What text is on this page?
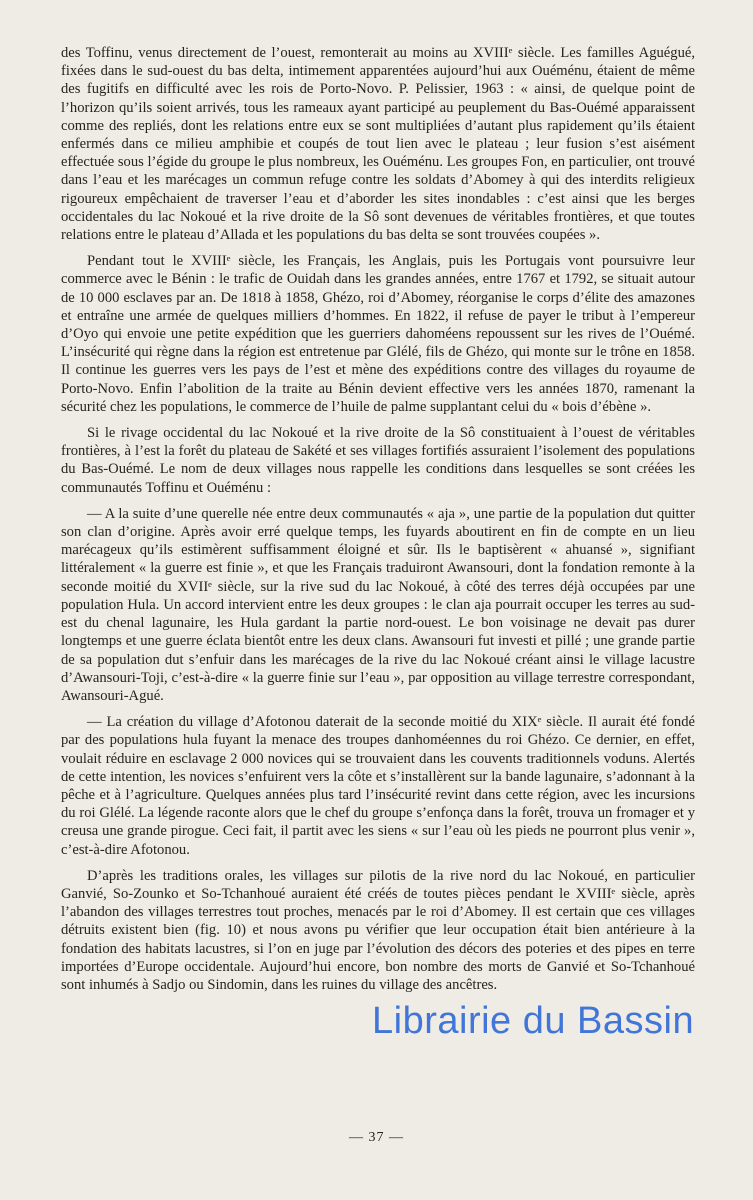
des Toffinu, venus directement de l’ouest, remonterait au moins au XVIIIᵉ siècle. Les familles Aguégué, fixées dans le sud-ouest du bas delta, intimement apparentées aujourd’hui aux Ouéménu, étaient de même des fugitifs en difficulté avec les rois de Porto-Novo. P. Pelissier, 1963 : « ainsi, de quelque point de l’horizon qu’ils soient arrivés, tous les rameaux ayant participé au peuplement du Bas-Ouémé apparaissent comme des repliés, dont les relations entre eux se sont multipliées d’autant plus rapidement qu’ils étaient enfermés dans ce milieu amphibie et coupés de tout lien avec le plateau ; leur fusion s’est aisément effectuée sous l’égide du groupe le plus nombreux, les Ouéménu. Les groupes Fon, en particulier, ont trouvé dans l’eau et les marécages un commun refuge contre les soldats d’Abomey à qui des interdits religieux rigoureux empêchaient de traverser l’eau et d’aborder les sites inondables : c’est ainsi que les berges occidentales du lac Nokoué et la rive droite de la Sô sont devenues de véritables frontières, et que toutes relations entre le plateau d’Allada et les populations du bas delta se sont trouvées coupées ».

Pendant tout le XVIIIᵉ siècle, les Français, les Anglais, puis les Portugais vont poursuivre leur commerce avec le Bénin : le trafic de Ouidah dans les grandes années, entre 1767 et 1792, se situait autour de 10 000 esclaves par an. De 1818 à 1858, Ghézo, roi d’Abomey, réorganise le corps d’élite des amazones et entraîne une armée de quelques milliers d’hommes. En 1822, il refuse de payer le tribut à l’empereur d’Oyo qui envoie une petite expédition que les guerriers dahoméens repoussent sur les rives de l’Ouémé. L’insécurité qui règne dans la région est entretenue par Glélé, fils de Ghézo, qui monte sur le trône en 1858. Il continue les guerres vers les pays de l’est et mène des expéditions contre des villages du royaume de Porto-Novo. Enfin l’abolition de la traite au Bénin devient effective vers les années 1870, ramenant la sécurité chez les populations, le commerce de l’huile de palme supplantant celui du « bois d’ébène ».

Si le rivage occidental du lac Nokoué et la rive droite de la Sô constituaient à l’ouest de véritables frontières, à l’est la forêt du plateau de Sakété et ses villages fortifiés assuraient l’isolement des populations du Bas-Ouémé. Le nom de deux villages nous rappelle les conditions dans lesquelles se sont créées les communautés Toffinu et Ouéménu :

— A la suite d’une querelle née entre deux communautés « aja », une partie de la population dut quitter son clan d’origine. Après avoir erré quelque temps, les fuyards aboutirent en fin de compte en un lieu marécageux qu’ils estimèrent suffisamment éloigné et sûr. Ils le baptisèrent « ahuansé », signifiant littéralement « la guerre est finie », et que les Français traduiront Awansouri, dont la fondation remonte à la seconde moitié du XVIIᵉ siècle, sur la rive sud du lac Nokoué, à côté des terres déjà occupées par une population Hula. Un accord intervient entre les deux groupes : le clan aja pourrait occuper les terres au sud-est du chenal lagunaire, les Hula gardant la partie nord-ouest. Le bon voisinage ne devait pas durer longtemps et une guerre éclata bientôt entre les deux clans. Awansouri fut investi et pillé ; une grande partie de sa population dut s’enfuir dans les marécages de la rive du lac Nokoué créant ainsi le village lacustre d’Awansouri-Toji, c’est-à-dire « la guerre finie sur l’eau », par opposition au village terrestre correspondant, Awansouri-Agué.

— La création du village d’Afotonou daterait de la seconde moitié du XIXᵉ siècle. Il aurait été fondé par des populations hula fuyant la menace des troupes danhoméennes du roi Ghézo. Ce dernier, en effet, voulait réduire en esclavage 2 000 novices qui se trouvaient dans les couvents traditionnels voduns. Alertés de cette intention, les novices s’enfuirent vers la côte et s’installèrent sur la bande lagunaire, s’adonnant à la pêche et à l’agriculture. Quelques années plus tard l’insécurité revint dans cette région, avec les incursions du roi Glélé. La légende raconte alors que le chef du groupe s’enfonça dans la forêt, trouva un fromager et y creusa une grande pirogue. Ceci fait, il partit avec les siens « sur l’eau où les pieds ne pourront plus venir », c’est-à-dire Afotonou.

D’après les traditions orales, les villages sur pilotis de la rive nord du lac Nokoué, en particulier Ganvié, So-Zounko et So-Tchanhoué auraient été créés de toutes pièces pendant le XVIIIᵉ siècle, après l’abandon des villages terrestres tout proches, menacés par le roi d’Abomey. Il est certain que ces villages détruits existent bien (fig. 10) et nous avons pu vérifier que leur occupation était bien antérieure à la fondation des habitats lacustres, si l’on en juge par l’évolution des décors des poteries et des pipes en terre importées d’Europe occidentale. Aujourd’hui encore, bon nombre des morts de Ganvié et So-Tchanhoué sont inhumés à Sadjo ou Sindomin, dans les ruines du village des ancêtres.

Librairie du Bassin
— 37 —
